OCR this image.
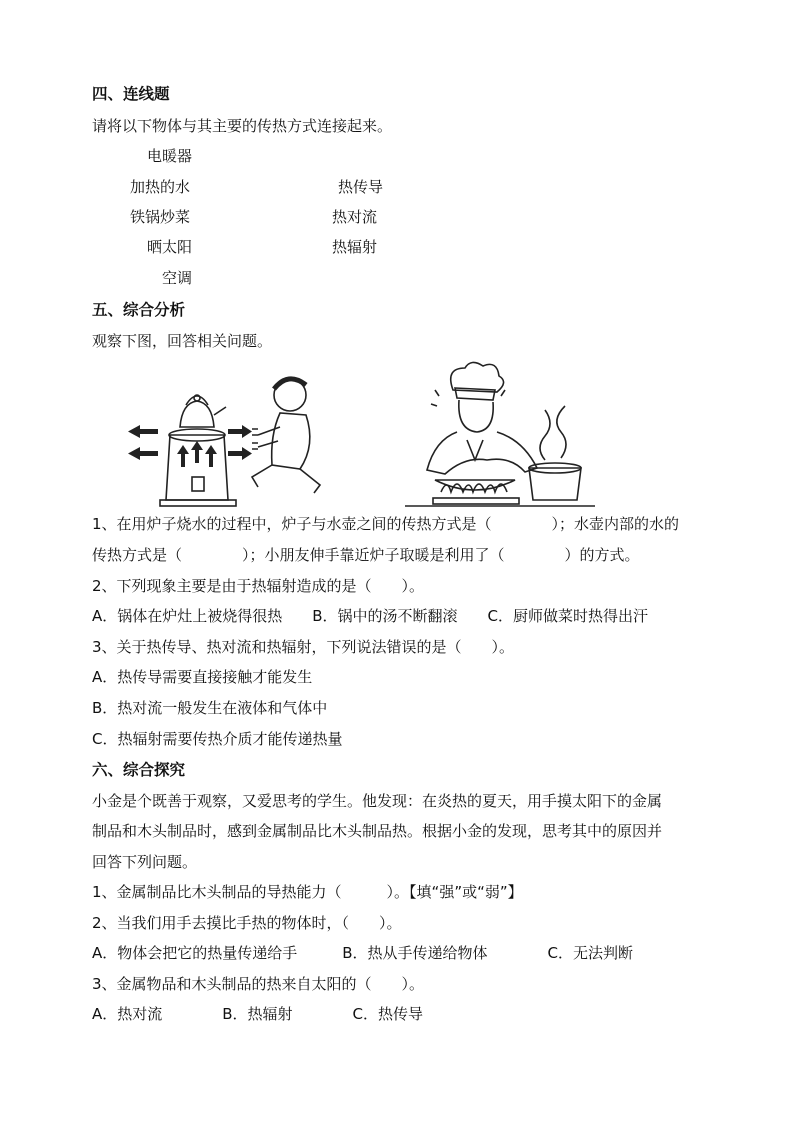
四、连线题
请将以下物体与其主要的传热方式连接起来。
电暖器
加热的水
铁锅炒菜
晒太阳
空调
热传导
热对流
热辐射
五、综合分析
观察下图，回答相关问题。
1、在用炉子烧水的过程中，炉子与水壶之间的传热方式是（　　　　）；水壶内部的水的
传热方式是（　　　　）；小朋友伸手靠近炉子取暖是利用了（　　　　）的方式。
2、下列现象主要是由于热辐射造成的是（　　）。
A．锅体在炉灶上被烧得很热　　B．锅中的汤不断翻滚　　C．厨师做菜时热得出汗
3、关于热传导、热对流和热辐射，下列说法错误的是（　　）。
A．热传导需要直接接触才能发生
B．热对流一般发生在液体和气体中
C．热辐射需要传热介质才能传递热量
六、综合探究
小金是个既善于观察，又爱思考的学生。他发现：在炎热的夏天，用手摸太阳下的金属
制品和木头制品时，感到金属制品比木头制品热。根据小金的发现，思考其中的原因并
回答下列问题。
1、金属制品比木头制品的导热能力（　　　）。【填“强”或“弱”】
2、当我们用手去摸比手热的物体时，（　　）。
A．物体会把它的热量传递给手　　　B．热从手传递给物体　　　　C．无法判断
3、金属物品和木头制品的热来自太阳的（　　）。
A．热对流　　　　B．热辐射　　　　C．热传导
